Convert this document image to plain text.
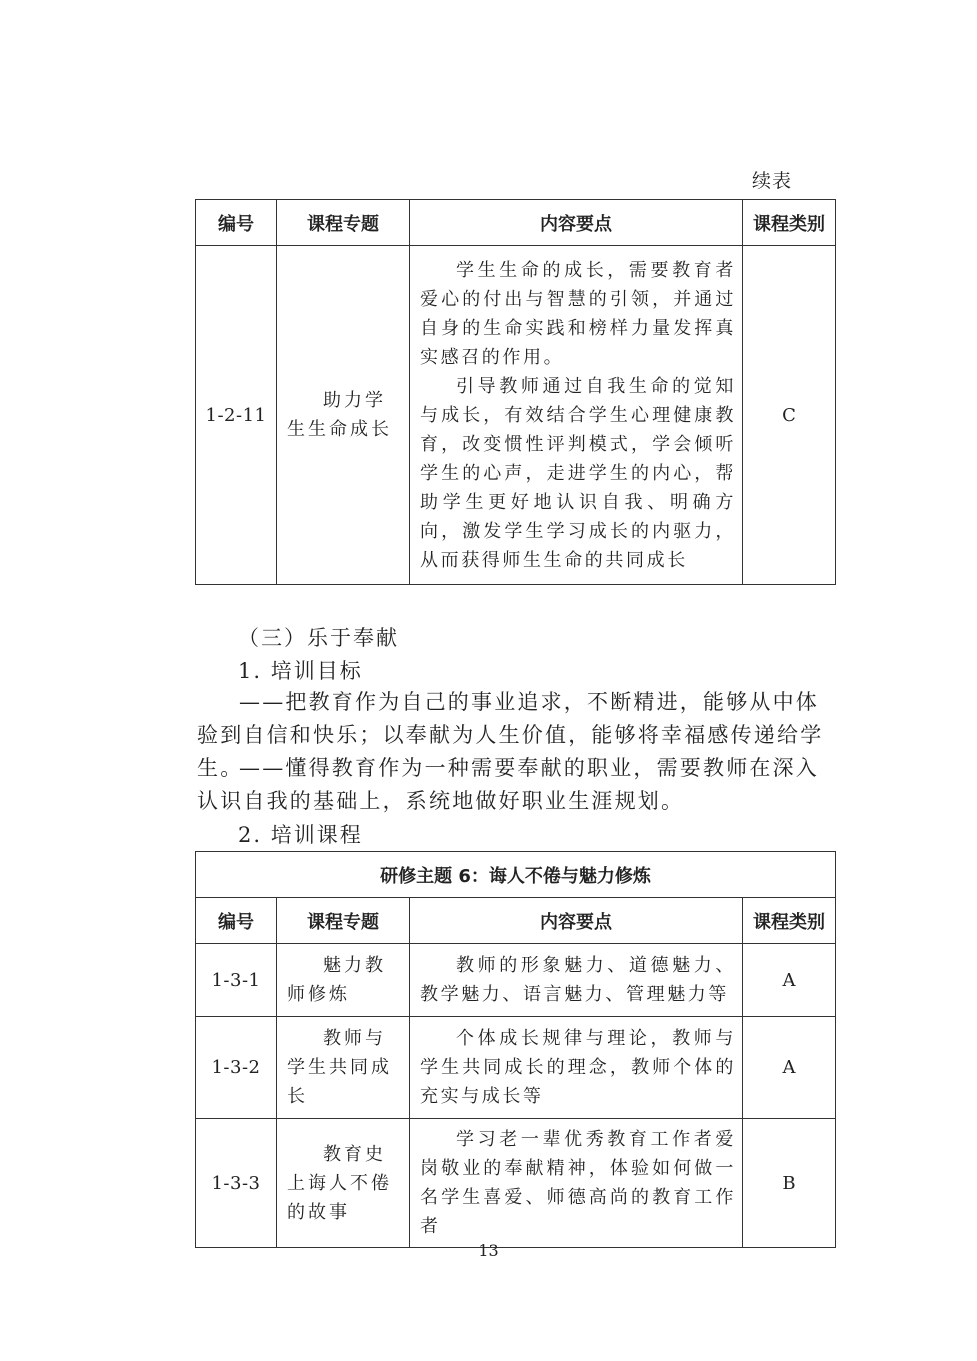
续表
编号	课程专题	内容要点	课程类别
1-2-11	助力学生生命成长	学生生命的成长，需要教育者爱心的付出与智慧的引领，并通过自身的生命实践和榜样力量发挥真实感召的作用。

引导教师通过自我生命的觉知与成长，有效结合学生心理健康教育，改变惯性评判模式，学会倾听学生的心声，走进学生的内心，帮助学生更好地认识自我、明确方向，激发学生学习成长的内驱力，从而获得师生生命的共同成长	C
（三）乐于奉献
1. 培训目标
——把教育作为自己的事业追求，不断精进，能够从中体验到自信和快乐；以奉献为人生价值，能够将幸福感传递给学生。
——懂得教育作为一种需要奉献的职业，需要教师在深入认识自我的基础上，系统地做好职业生涯规划。
2. 培训课程
研修主题 6：诲人不倦与魅力修炼			
编号	课程专题	内容要点	课程类别
1-3-1	魅力教师修炼	教师的形象魅力、道德魅力、教学魅力、语言魅力、管理魅力等	A
1-3-2	教师与学生共同成长	个体成长规律与理论，教师与学生共同成长的理念，教师个体的充实与成长等	A
1-3-3	教育史上诲人不倦的故事	学习老一辈优秀教育工作者爱岗敬业的奉献精神，体验如何做一名学生喜爱、师德高尚的教育工作者	B
13
